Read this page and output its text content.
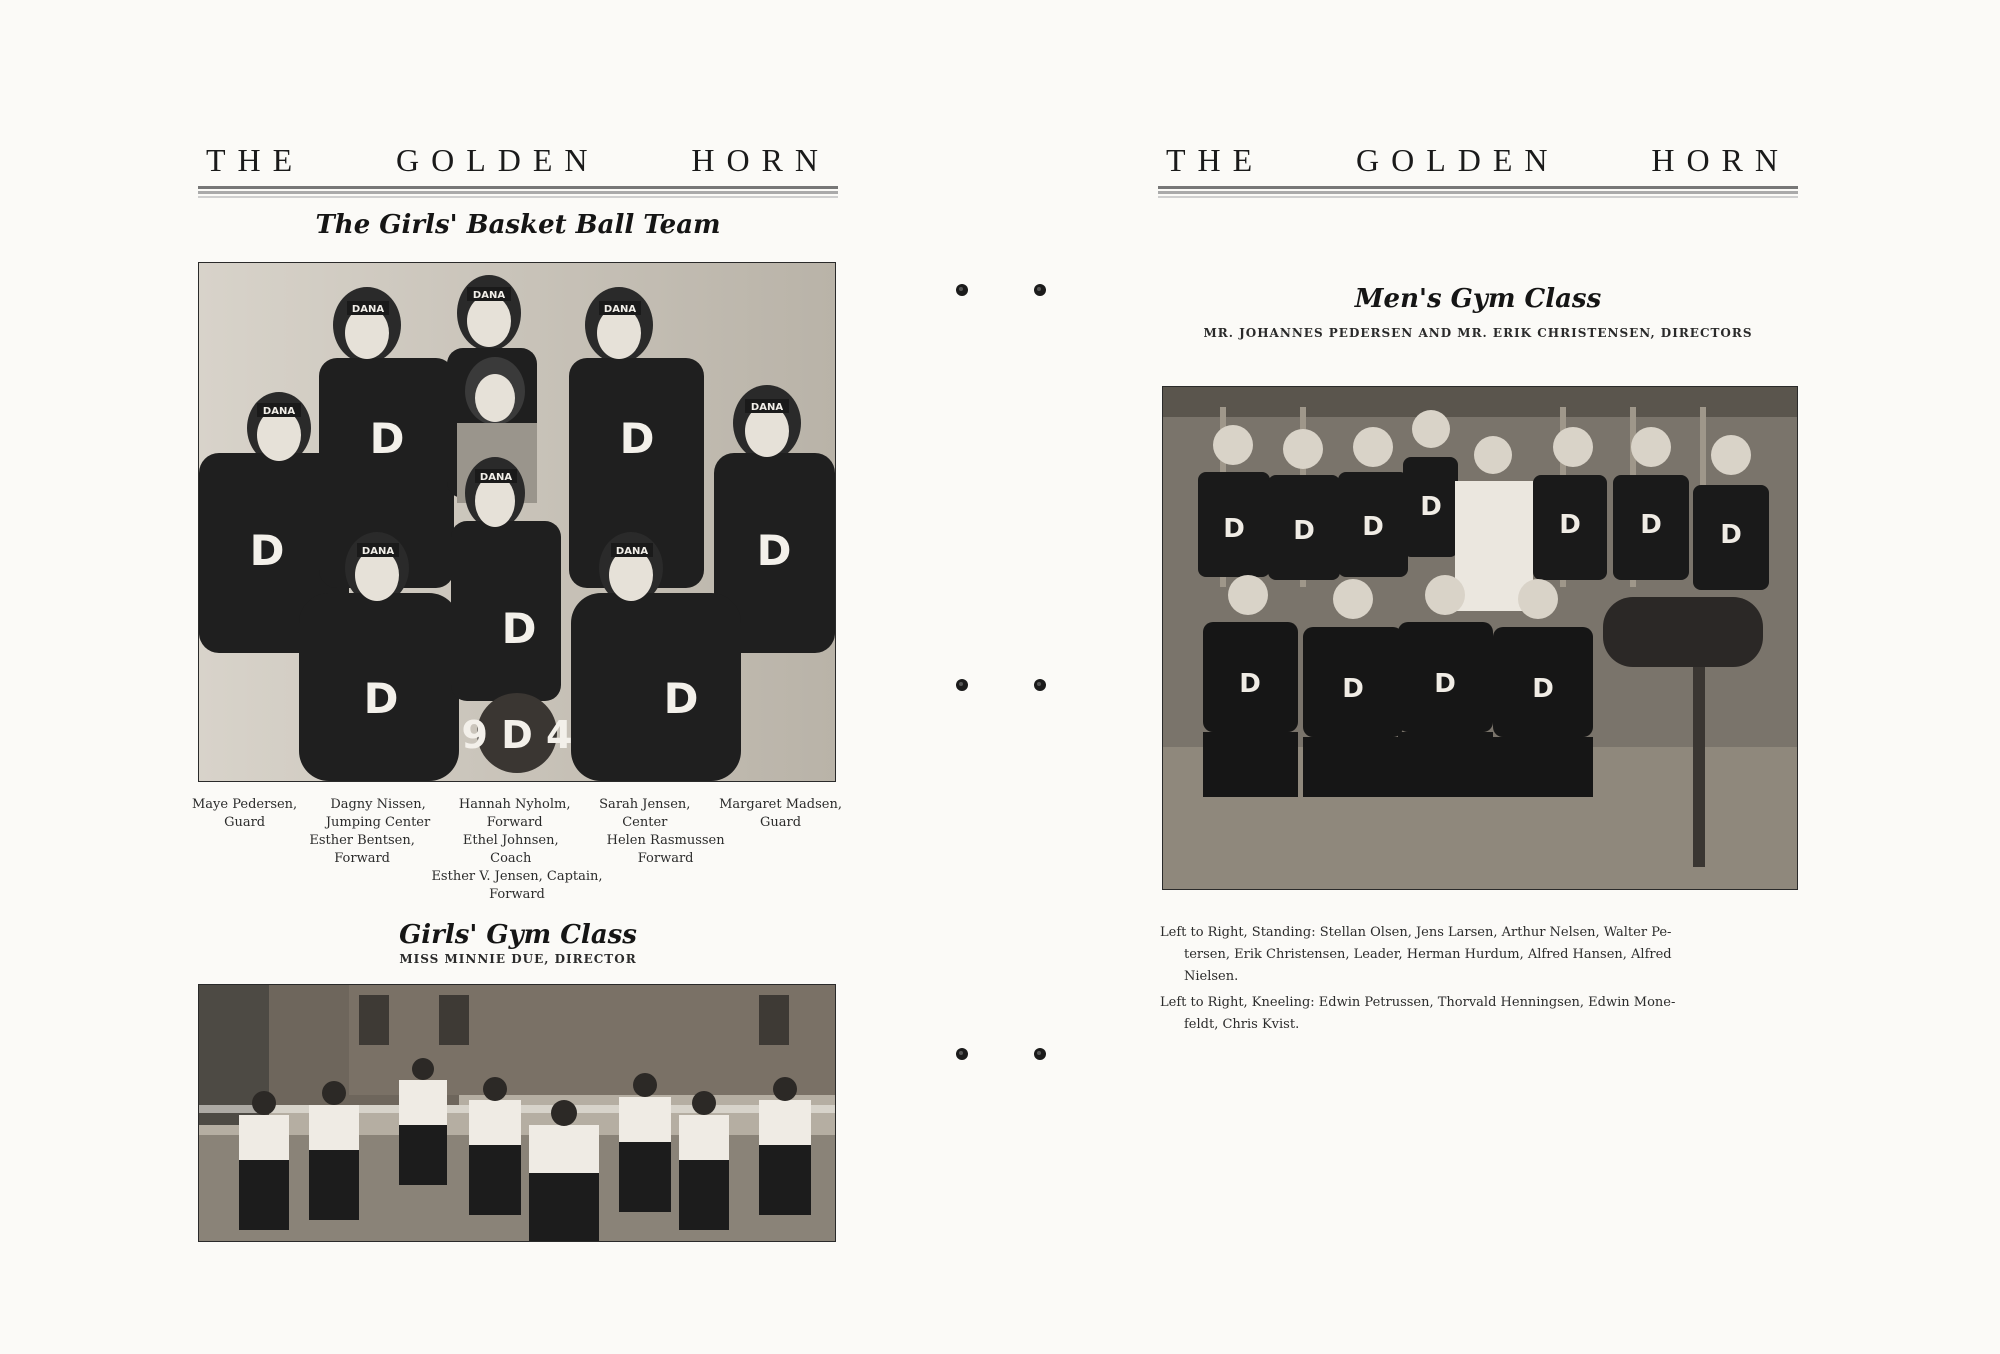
THE	GOLDEN	HORN
The Girls' Basket Ball Team
DANA
DANA
DANA
DANA	DANA
DANA
DANA	DANA
D	D
D	D
D
D	D
9 D 4
Maye Pedersen,
Guard
Dagny Nissen,
Jumping Center
Hannah Nyholm,
Forward
Sarah Jensen,
Center
Margaret Madsen,
Guard
Esther Bentsen,
Forward
Ethel Johnsen,
Coach
Helen Rasmussen
Forward
Esther V. Jensen, Captain,
Forward
Girls' Gym Class
MISS MINNIE DUE, DIRECTOR
THE	GOLDEN	HORN
Men's Gym Class
MR. JOHANNES PEDERSEN AND MR. ERIK CHRISTENSEN, DIRECTORS
D D D
D
D D D
D	D	D	D

Left to Right, Standing: Stellan Olsen, Jens Larsen, Arthur Nelsen, Walter Pe-
tersen, Erik Christensen, Leader, Herman Hurdum, Alfred Hansen, Alfred
Nielsen.

Left to Right, Kneeling: Edwin Petrussen, Thorvald Henningsen, Edwin Mone-
feldt, Chris Kvist.
